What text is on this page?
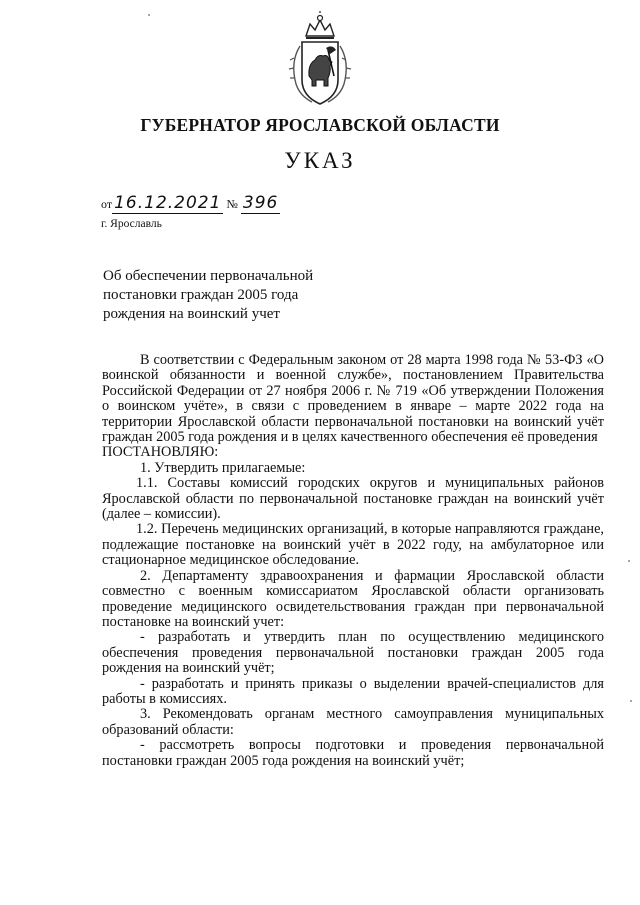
ГУБЕРНАТОР ЯРОСЛАВСКОЙ ОБЛАСТИ
УКАЗ
от 16.12.2021 № 396
г. Ярославль
Об обеспечении первоначальной постановки граждан 2005 года рождения на воинский учет

В соответствии с Федеральным законом от 28 марта 1998 года № 53-ФЗ «О воинской обязанности и военной службе», постановлением Правительства Российской Федерации от 27 ноября 2006 г. № 719 «Об утверждении Положения о воинском учёте», в связи с проведением в январе – марте 2022 года на территории Ярославской области первоначальной постановки на воинский учёт граждан 2005 года рождения и в целях качественного обеспечения её проведения

ПОСТАНОВЛЯЮ:

1. Утвердить прилагаемые:

1.1. Составы комиссий городских округов и муниципальных районов Ярославской области по первоначальной постановке граждан на воинский учёт (далее – комиссии).

1.2. Перечень медицинских организаций, в которые направляются граждане, подлежащие постановке на воинский учёт в 2022 году, на амбулаторное или стационарное медицинское обследование.

2. Департаменту здравоохранения и фармации Ярославской области совместно с военным комиссариатом Ярославской области организовать проведение медицинского освидетельствования граждан при первоначальной постановке на воинский учет:

- разработать и утвердить план по осуществлению медицинского обеспечения проведения первоначальной постановки граждан 2005 года рождения на воинский учёт;

- разработать и принять приказы о выделении врачей-специалистов для работы в комиссиях.

3. Рекомендовать органам местного самоуправления муниципальных образований области:

- рассмотреть вопросы подготовки и проведения первоначальной постановки граждан 2005 года рождения на воинский учёт;
